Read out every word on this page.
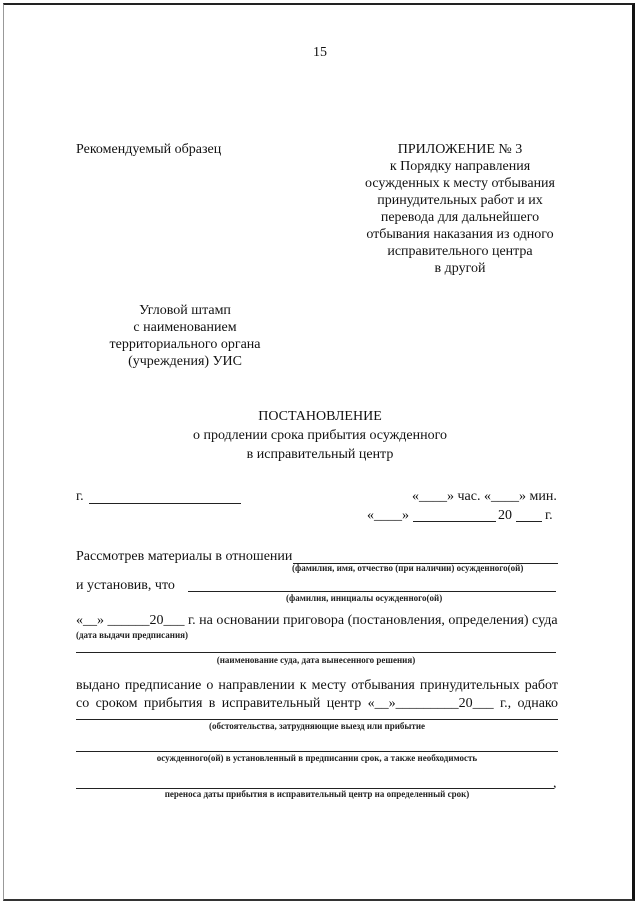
15
Рекомендуемый образец	ПРИЛОЖЕНИЕ № 3
к Порядку направления
осужденных к месту отбывания
принудительных работ и их
перевода для дальнейшего
отбывания наказания из одного
исправительного центра
в другой
Угловой штамп
с наименованием
территориального органа
(учреждения) УИС
ПОСТАНОВЛЕНИЕ
о продлении срока прибытия осужденного
в исправительный центр
г.	«____» час. «____» мин.
«____»	20 г.
Рассмотрев материалы в отношении
(фамилия, имя, отчество (при наличии) осужденного(ой)
и установив, что
(фамилия, инициалы осужденного(ой)
«__» ______20___ г. на основании приговора (постановления, определения) суда
(дата выдачи предписания)
(наименование суда, дата вынесенного решения)
выдано предписание о направлении к месту отбывания принудительных работ
со сроком прибытия в исправительный центр «__»_________20___ г., однако
(обстоятельства, затрудняющие выезд или прибытие
осужденного(ой) в установленный в предписании срок, а также необходимость
,
переноса даты прибытия в исправительный центр на определенный срок)
